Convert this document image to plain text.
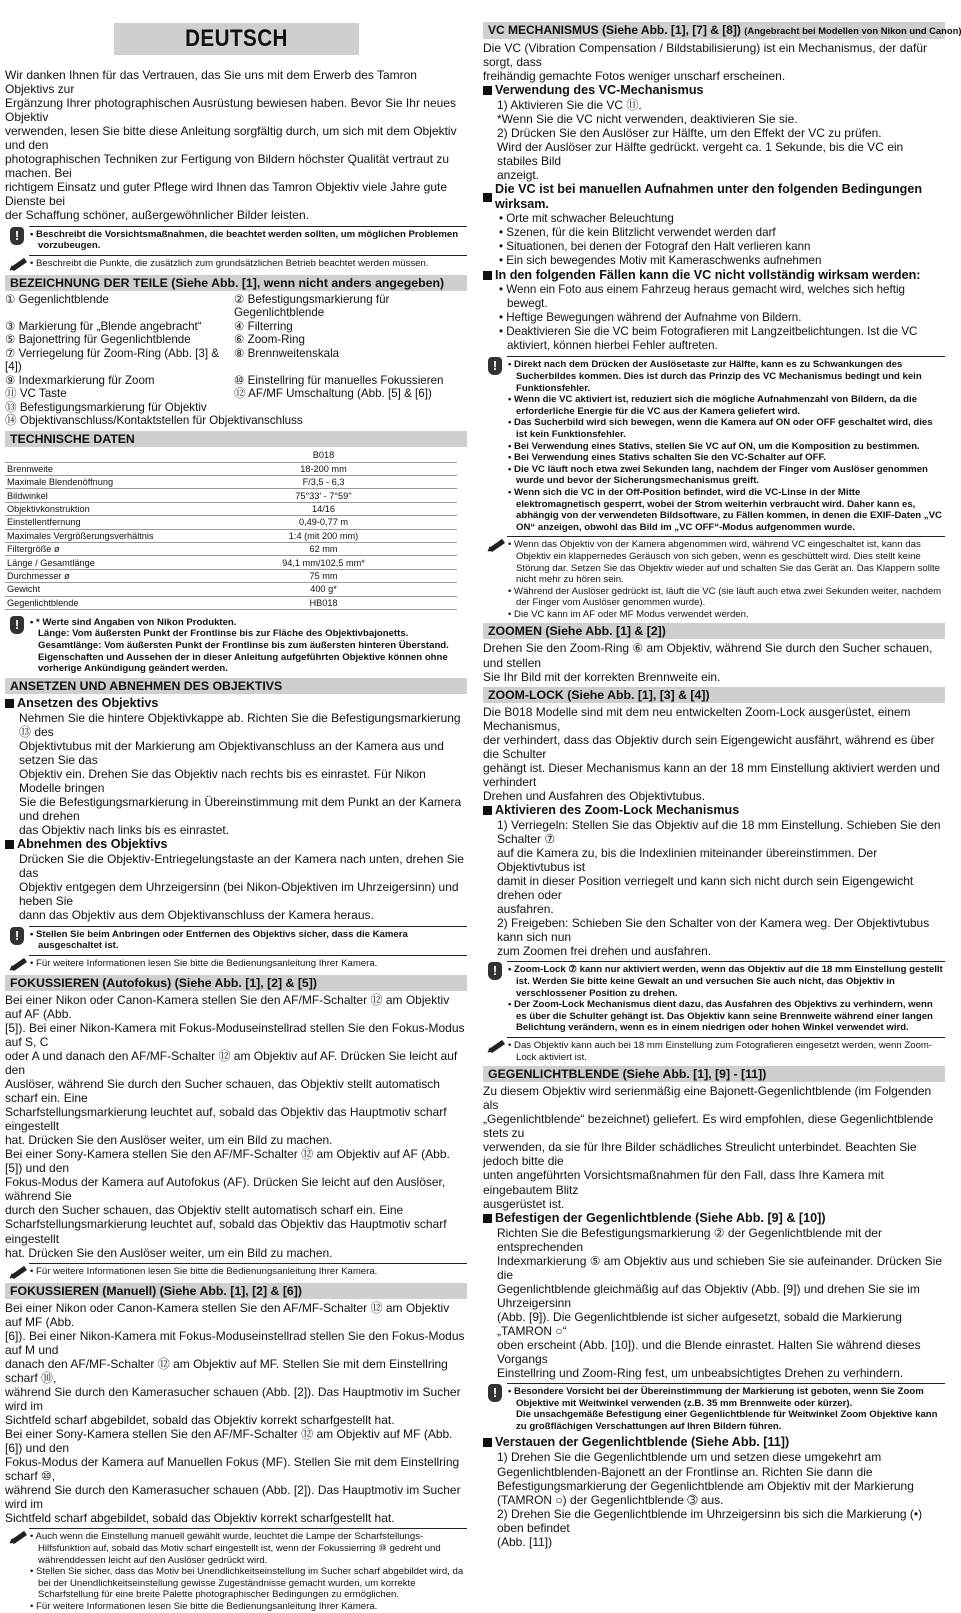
DEUTSCH
Wir danken Ihnen für das Vertrauen, das Sie uns mit dem Erwerb des Tamron Objektivs zur
Ergänzung Ihrer photographischen Ausrüstung bewiesen haben. Bevor Sie Ihr neues Objektiv
verwenden, lesen Sie bitte diese Anleitung sorgfältig durch, um sich mit dem Objektiv und den
photographischen Techniken zur Fertigung von Bildern höchster Qualität vertraut zu machen. Bei
richtigem Einsatz und guter Pflege wird Ihnen das Tamron Objektiv viele Jahre gute Dienste bei
der Schaffung schöner, außergewöhnlicher Bilder leisten.
!	• Beschreibt die Vorsichtsmaßnahmen, die beachtet werden sollten, um möglichen Problemen vorzubeugen.
• Beschreibt die Punkte, die zusätzlich zum grundsätzlichen Betrieb beachtet werden müssen.
BEZEICHNUNG DER TEILE (Siehe Abb. [1], wenn nicht anders angegeben)
① Gegenlichtblende	② Befestigungsmarkierung für Gegenlichtblende
③ Markierung für „Blende angebracht“	④ Filterring
⑤ Bajonettring für Gegenlichtblende	⑥ Zoom-Ring
⑦ Verriegelung für Zoom-Ring (Abb. [3] & [4])
⑧ Brennweitenskala
⑨ Indexmarkierung für Zoom	⑩ Einstellring für manuelles Fokussieren
⑪ VC Taste	⑫ AF/MF Umschaltung (Abb. [5] & [6])
⑬ Befestigungsmarkierung für Objektiv
⑭ Objektivanschluss/Kontaktstellen für Objektivanschluss
TECHNISCHE DATEN
	B018
Brennweite	18-200 mm
Maximale Blendenöffnung	F/3,5 - 6,3
Bildwinkel	75°33' - 7°59''
Objektivkonstruktion	14/16
Einstellentfernung	0,49-0,77 m
Maximales Vergrößerungsverhältnis	1:4 (mit 200 mm)
Filtergröße ø	62 mm
Länge / Gesamtlänge	94,1 mm/102,5 mm*
Durchmesser ø	75 mm
Gewicht	400 g*
Gegenlichtblende	HB018
!	• * Werte sind Angaben von Nikon Produkten.
Länge: Vom äußersten Punkt der Frontlinse bis zur Fläche des Objektivbajonetts.
Gesamtlänge: Vom äußersten Punkt der Frontlinse bis zum äußersten hinteren Überstand.
Eigenschaften und Aussehen der in dieser Anleitung aufgeführten Objektive können ohne
vorherige Ankündigung geändert werden.
ANSETZEN UND ABNEHMEN DES OBJEKTIVS
Ansetzen des Objektivs
Nehmen Sie die hintere Objektivkappe ab. Richten Sie die Befestigungsmarkierung ⑬ des
Objektivtubus mit der Markierung am Objektivanschluss an der Kamera aus und setzen Sie das
Objektiv ein. Drehen Sie das Objektiv nach rechts bis es einrastet. Für Nikon Modelle bringen
Sie die Befestigungsmarkierung in Übereinstimmung mit dem Punkt an der Kamera und drehen
das Objektiv nach links bis es einrastet.
Abnehmen des Objektivs
Drücken Sie die Objektiv-Entriegelungstaste an der Kamera nach unten, drehen Sie das
Objektiv entgegen dem Uhrzeigersinn (bei Nikon-Objektiven im Uhrzeigersinn) und heben Sie
dann das Objektiv aus dem Objektivanschluss der Kamera heraus.
!	• Stellen Sie beim Anbringen oder Entfernen des Objektivs sicher, dass die Kamera ausgeschaltet ist.
• Für weitere Informationen lesen Sie bitte die Bedienungsanleitung Ihrer Kamera.
FOKUSSIEREN (Autofokus) (Siehe Abb. [1], [2] & [5])
Bei einer Nikon oder Canon-Kamera stellen Sie den AF/MF-Schalter ⑫ am Objektiv auf AF (Abb.
[5]). Bei einer Nikon-Kamera mit Fokus-Moduseinstellrad stellen Sie den Fokus-Modus auf S, C
oder A und danach den AF/MF-Schalter ⑫ am Objektiv auf AF. Drücken Sie leicht auf den
Auslöser, während Sie durch den Sucher schauen, das Objektiv stellt automatisch scharf ein. Eine
Scharfstellungsmarkierung leuchtet auf, sobald das Objektiv das Hauptmotiv scharf eingestellt
hat. Drücken Sie den Auslöser weiter, um ein Bild zu machen.
Bei einer Sony-Kamera stellen Sie den AF/MF-Schalter ⑫ am Objektiv auf AF (Abb. [5]) und den
Fokus-Modus der Kamera auf Autofokus (AF). Drücken Sie leicht auf den Auslöser, während Sie
durch den Sucher schauen, das Objektiv stellt automatisch scharf ein. Eine
Scharfstellungsmarkierung leuchtet auf, sobald das Objektiv das Hauptmotiv scharf eingestellt
hat. Drücken Sie den Auslöser weiter, um ein Bild zu machen.
• Für weitere Informationen lesen Sie bitte die Bedienungsanleitung Ihrer Kamera.
FOKUSSIEREN (Manuell) (Siehe Abb. [1], [2] & [6])
Bei einer Nikon oder Canon-Kamera stellen Sie den AF/MF-Schalter ⑫ am Objektiv auf MF (Abb.
[6]). Bei einer Nikon-Kamera mit Fokus-Moduseinstellrad stellen Sie den Fokus-Modus auf M und
danach den AF/MF-Schalter ⑫ am Objektiv auf MF. Stellen Sie mit dem Einstellring scharf ⑩,
während Sie durch den Kamerasucher schauen (Abb. [2]). Das Hauptmotiv im Sucher wird im
Sichtfeld scharf abgebildet, sobald das Objektiv korrekt scharfgestellt hat.
Bei einer Sony-Kamera stellen Sie den AF/MF-Schalter ⑫ am Objektiv auf MF (Abb. [6]) und den
Fokus-Modus der Kamera auf Manuellen Fokus (MF). Stellen Sie mit dem Einstellring scharf ⑩,
während Sie durch den Kamerasucher schauen (Abb. [2]). Das Hauptmotiv im Sucher wird im
Sichtfeld scharf abgebildet, sobald das Objektiv korrekt scharfgestellt hat.
• Auch wenn die Einstellung manuell gewählt wurde, leuchtet die Lampe der Scharfstellungs- Hilfsfunktion auf, sobald das Motiv scharf eingestellt ist, wenn der Fokussierring ⑩ gedreht und währenddessen leicht auf den Auslöser gedrückt wird.
• Stellen Sie sicher, dass das Motiv bei Unendlichkeitseinstellung im Sucher scharf abgebildet wird, da bei der Unendlichkeitseinstellung gewisse Zugeständnisse gemacht wurden, um korrekte Scharfstellung für eine breite Palette photographischer Bedingungen zu ermöglichen.
• Für weitere Informationen lesen Sie bitte die Bedienungsanleitung Ihrer Kamera.
VC MECHANISMUS (Siehe Abb. [1], [7] & [8]) (Angebracht bei Modellen von Nikon und Canon)
Die VC (Vibration Compensation / Bildstabilisierung) ist ein Mechanismus, der dafür sorgt, dass
freihändig gemachte Fotos weniger unscharf erscheinen.
Verwendung des VC-Mechanismus
1) Aktivieren Sie die VC ⑪.
*Wenn Sie die VC nicht verwenden, deaktivieren Sie sie.
2) Drücken Sie den Auslöser zur Hälfte, um den Effekt der VC zu prüfen.
Wird der Auslöser zur Hälfte gedrückt. vergeht ca. 1 Sekunde, bis die VC ein stabiles Bild
anzeigt.
Die VC ist bei manuellen Aufnahmen unter den folgenden Bedingungen wirksam.
• Orte mit schwacher Beleuchtung
• Szenen, für die kein Blitzlicht verwendet werden darf
• Situationen, bei denen der Fotograf den Halt verlieren kann
• Ein sich bewegendes Motiv mit Kameraschwenks aufnehmen
In den folgenden Fällen kann die VC nicht vollständig wirksam werden:
• Wenn ein Foto aus einem Fahrzeug heraus gemacht wird, welches sich heftig bewegt.
• Heftige Bewegungen während der Aufnahme von Bildern.
• Deaktivieren Sie die VC beim Fotografieren mit Langzeitbelichtungen. Ist die VC aktiviert, können hierbei Fehler auftreten.
!	• Direkt nach dem Drücken der Auslösetaste zur Hälfte, kann es zu Schwankungen des Sucherbildes kommen. Dies ist durch das Prinzip des VC Mechanismus bedingt und kein Funktionsfehler.
• Wenn die VC aktiviert ist, reduziert sich die mögliche Aufnahmenzahl von Bildern, da die erforderliche Energie für die VC aus der Kamera geliefert wird.
• Das Sucherbild wird sich bewegen, wenn die Kamera auf ON oder OFF geschaltet wird, dies ist kein Funktionsfehler.
• Bei Verwendung eines Stativs, stellen Sie VC auf ON, um die Komposition zu bestimmen.
• Bei Verwendung eines Stativs schalten Sie den VC-Schalter auf OFF.
• Die VC läuft noch etwa zwei Sekunden lang, nachdem der Finger vom Auslöser genommen wurde und bevor der Sicherungsmechanismus greift.
• Wenn sich die VC in der Off-Position befindet, wird die VC-Linse in der Mitte elektromagnetisch gesperrt, wobei der Strom weiterhin verbraucht wird. Daher kann es, abhängig von der verwendeten Bildsoftware, zu Fällen kommen, in denen die EXIF-Daten „VC ON“ anzeigen, obwohl das Bild im „VC OFF“-Modus aufgenommen wurde.
• Wenn das Objektiv von der Kamera abgenommen wird, während VC eingeschaltet ist, kann das Objektiv ein klappernedes Geräusch von sich geben, wenn es geschüttelt wird. Dies stellt keine Störung dar. Setzen Sie das Objektiv wieder auf und schalten Sie das Gerät an. Das Klappern sollte nicht mehr zu hören sein.
• Während der Auslöser gedrückt ist, läuft die VC (sie läuft auch etwa zwei Sekunden weiter, nachdem der Finger vom Auslöser genommen wurde).
• Die VC kann im AF oder MF Modus verwendet werden.
ZOOMEN (Siehe Abb. [1] & [2])
Drehen Sie den Zoom-Ring ⑥ am Objektiv, während Sie durch den Sucher schauen, und stellen
Sie Ihr Bild mit der korrekten Brennweite ein.
ZOOM-LOCK (Siehe Abb. [1], [3] & [4])
Die B018 Modelle sind mit dem neu entwickelten Zoom-Lock ausgerüstet, einem Mechanismus,
der verhindert, dass das Objektiv durch sein Eigengewicht ausfährt, während es über die Schulter
gehängt ist. Dieser Mechanismus kann an der 18 mm Einstellung aktiviert werden und verhindert
Drehen und Ausfahren des Objektivtubus.
Aktivieren des Zoom-Lock Mechanismus
1) Verriegeln: Stellen Sie das Objektiv auf die 18 mm Einstellung. Schieben Sie den Schalter ⑦
auf die Kamera zu, bis die Indexlinien miteinander übereinstimmen. Der Objektivtubus ist
damit in dieser Position verriegelt und kann sich nicht durch sein Eigengewicht drehen oder
ausfahren.
2) Freigeben: Schieben Sie den Schalter von der Kamera weg. Der Objektivtubus kann sich nun
zum Zoomen frei drehen und ausfahren.
!	• Zoom-Lock ⑦ kann nur aktiviert werden, wenn das Objektiv auf die 18 mm Einstellung gestellt ist. Werden Sie bitte keine Gewalt an und versuchen Sie auch nicht, das Objektiv in verschlossener Position zu drehen.
• Der Zoom-Lock Mechanismus dient dazu, das Ausfahren des Objektivs zu verhindern, wenn es über die Schulter gehängt ist. Das Objektiv kann seine Brennweite während einer langen Belichtung verändern, wenn es in einem niedrigen oder hohen Winkel verwendet wird.
• Das Objektiv kann auch bei 18 mm Einstellung zum Fotografieren eingesetzt werden, wenn Zoom-Lock aktiviert ist.
GEGENLICHTBLENDE (Siehe Abb. [1], [9] - [11])
Zu diesem Objektiv wird serienmäßig eine Bajonett-Gegenlichtblende (im Folgenden als
„Gegenlichtblende“ bezeichnet) geliefert. Es wird empfohlen, diese Gegenlichtblende stets zu
verwenden, da sie für Ihre Bilder schädliches Streulicht unterbindet. Beachten Sie jedoch bitte die
unten angeführten Vorsichtsmaßnahmen für den Fall, dass Ihre Kamera mit eingebautem Blitz
ausgerüstet ist.
Befestigen der Gegenlichtblende (Siehe Abb. [9] & [10])
Richten Sie die Befestigungsmarkierung ② der Gegenlichtblende mit der entsprechenden
Indexmarkierung ⑤ am Objektiv aus und schieben Sie sie aufeinander. Drücken Sie die
Gegenlichtblende gleichmäßig auf das Objektiv (Abb. [9]) und drehen Sie sie im Uhrzeigersinn
(Abb. [9]). Die Gegenlichtblende ist sicher aufgesetzt, sobald die Markierung „TAMRON ○“
oben erscheint (Abb. [10]). und die Blende einrastet. Halten Sie während dieses Vorgangs
Einstellring und Zoom-Ring fest, um unbeabsichtigtes Drehen zu verhindern.
!	• Besondere Vorsicht bei der Übereinstimmung der Markierung ist geboten, wenn Sie Zoom Objektive mit Weitwinkel verwenden (z.B. 35 mm Brennweite oder kürzer).
Die unsachgemäße Befestigung einer Gegenlichtblende für Weitwinkel Zoom Objektive kann zu großflächigen Verschattungen auf Ihren Bildern führen.
Verstauen der Gegenlichtblende (Siehe Abb. [11])
1) Drehen Sie die Gegenlichtblende um und setzen diese umgekehrt am
Gegenlichtblenden-Bajonett an der Frontlinse an. Richten Sie dann die
Befestigungsmarkierung der Gegenlichtblende am Objektiv mit der Markierung
(TAMRON ○) der Gegenlichtblende ➂ aus.
2) Drehen Sie die Gegenlichtblende im Uhrzeigersinn bis sich die Markierung (•) oben befindet
(Abb. [11])
